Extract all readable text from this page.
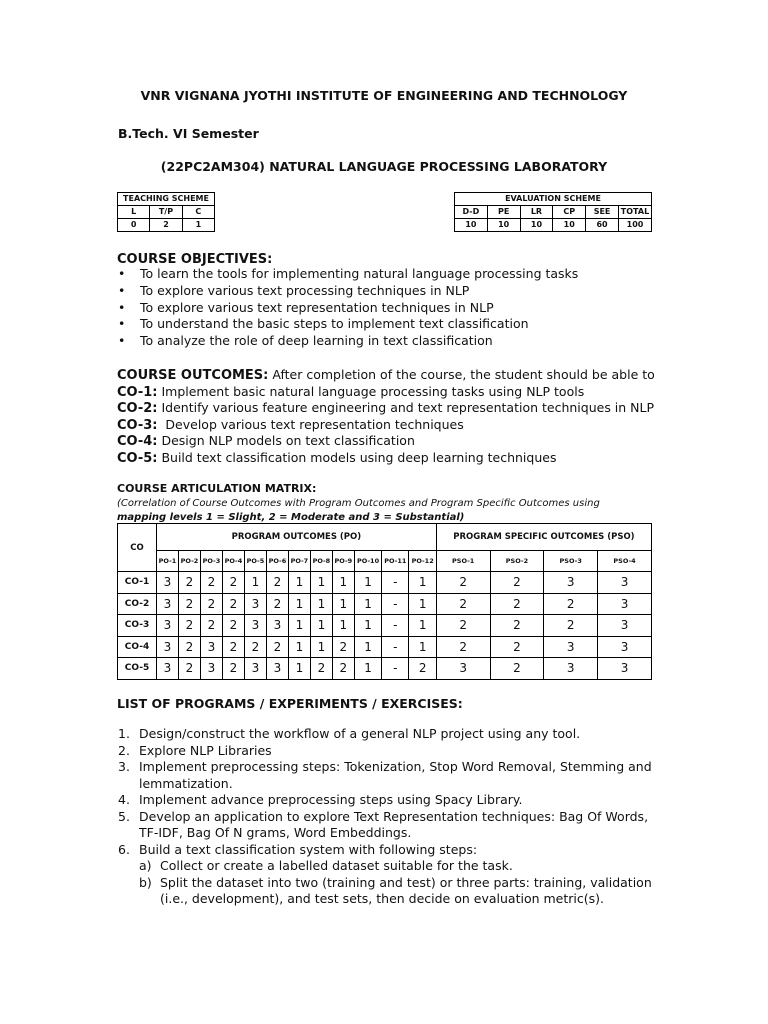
VNR VIGNANA JYOTHI INSTITUTE OF ENGINEERING AND TECHNOLOGY
B.Tech. VI Semester
(22PC2AM304) NATURAL LANGUAGE PROCESSING LABORATORY
TEACHING SCHEME		
L	T/P	C
0	2	1
EVALUATION SCHEME					
D-D	PE	LR	CP	SEE	TOTAL
10	10	10	10	60	100
COURSE OBJECTIVES:
• To learn the tools for implementing natural language processing tasks
• To explore various text processing techniques in NLP
• To explore various text representation techniques in NLP
• To understand the basic steps to implement text classification
• To analyze the role of deep learning in text classification
COURSE OUTCOMES: After completion of the course, the student should be able to
CO-1: Implement basic natural language processing tasks using NLP tools
CO-2: Identify various feature engineering and text representation techniques in NLP
CO-3:  Develop various text representation techniques
CO-4: Design NLP models on text classification
CO-5: Build text classification models using deep learning techniques
COURSE ARTICULATION MATRIX:
(Correlation of Course Outcomes with Program Outcomes and Program Specific Outcomes using
mapping levels 1 = Slight, 2 = Moderate and 3 = Substantial)
CO	PROGRAM OUTCOMES (PO)												PROGRAM SPECIFIC OUTCOMES (PSO)			
	PO-1	PO-2	PO-3	PO-4	PO-5	PO-6	PO-7	PO-8	PO-9	PO-10	PO-11	PO-12	PSO-1	PSO-2	PSO-3	PSO-4
CO-1	3	2	2	2	1	2	1	1	1	1	-	1	2	2	3	3
CO-2	3	2	2	2	3	2	1	1	1	1	-	1	2	2	2	3
CO-3	3	2	2	2	3	3	1	1	1	1	-	1	2	2	2	3
CO-4	3	2	3	2	2	2	1	1	2	1	-	1	2	2	3	3
CO-5	3	2	3	2	3	3	1	2	2	1	-	2	3	2	3	3
LIST OF PROGRAMS / EXPERIMENTS / EXERCISES:
1. Design/construct the workflow of a general NLP project using any tool.
2. Explore NLP Libraries
3. Implement preprocessing steps: Tokenization, Stop Word Removal, Stemming and
lemmatization.
4. Implement advance preprocessing steps using Spacy Library.
5. Develop an application to explore Text Representation techniques: Bag Of Words,
TF-IDF, Bag Of N grams, Word Embeddings.
6. Build a text classification system with following steps:
a) Collect or create a labelled dataset suitable for the task.
b) Split the dataset into two (training and test) or three parts: training, validation
(i.e., development), and test sets, then decide on evaluation metric(s).
